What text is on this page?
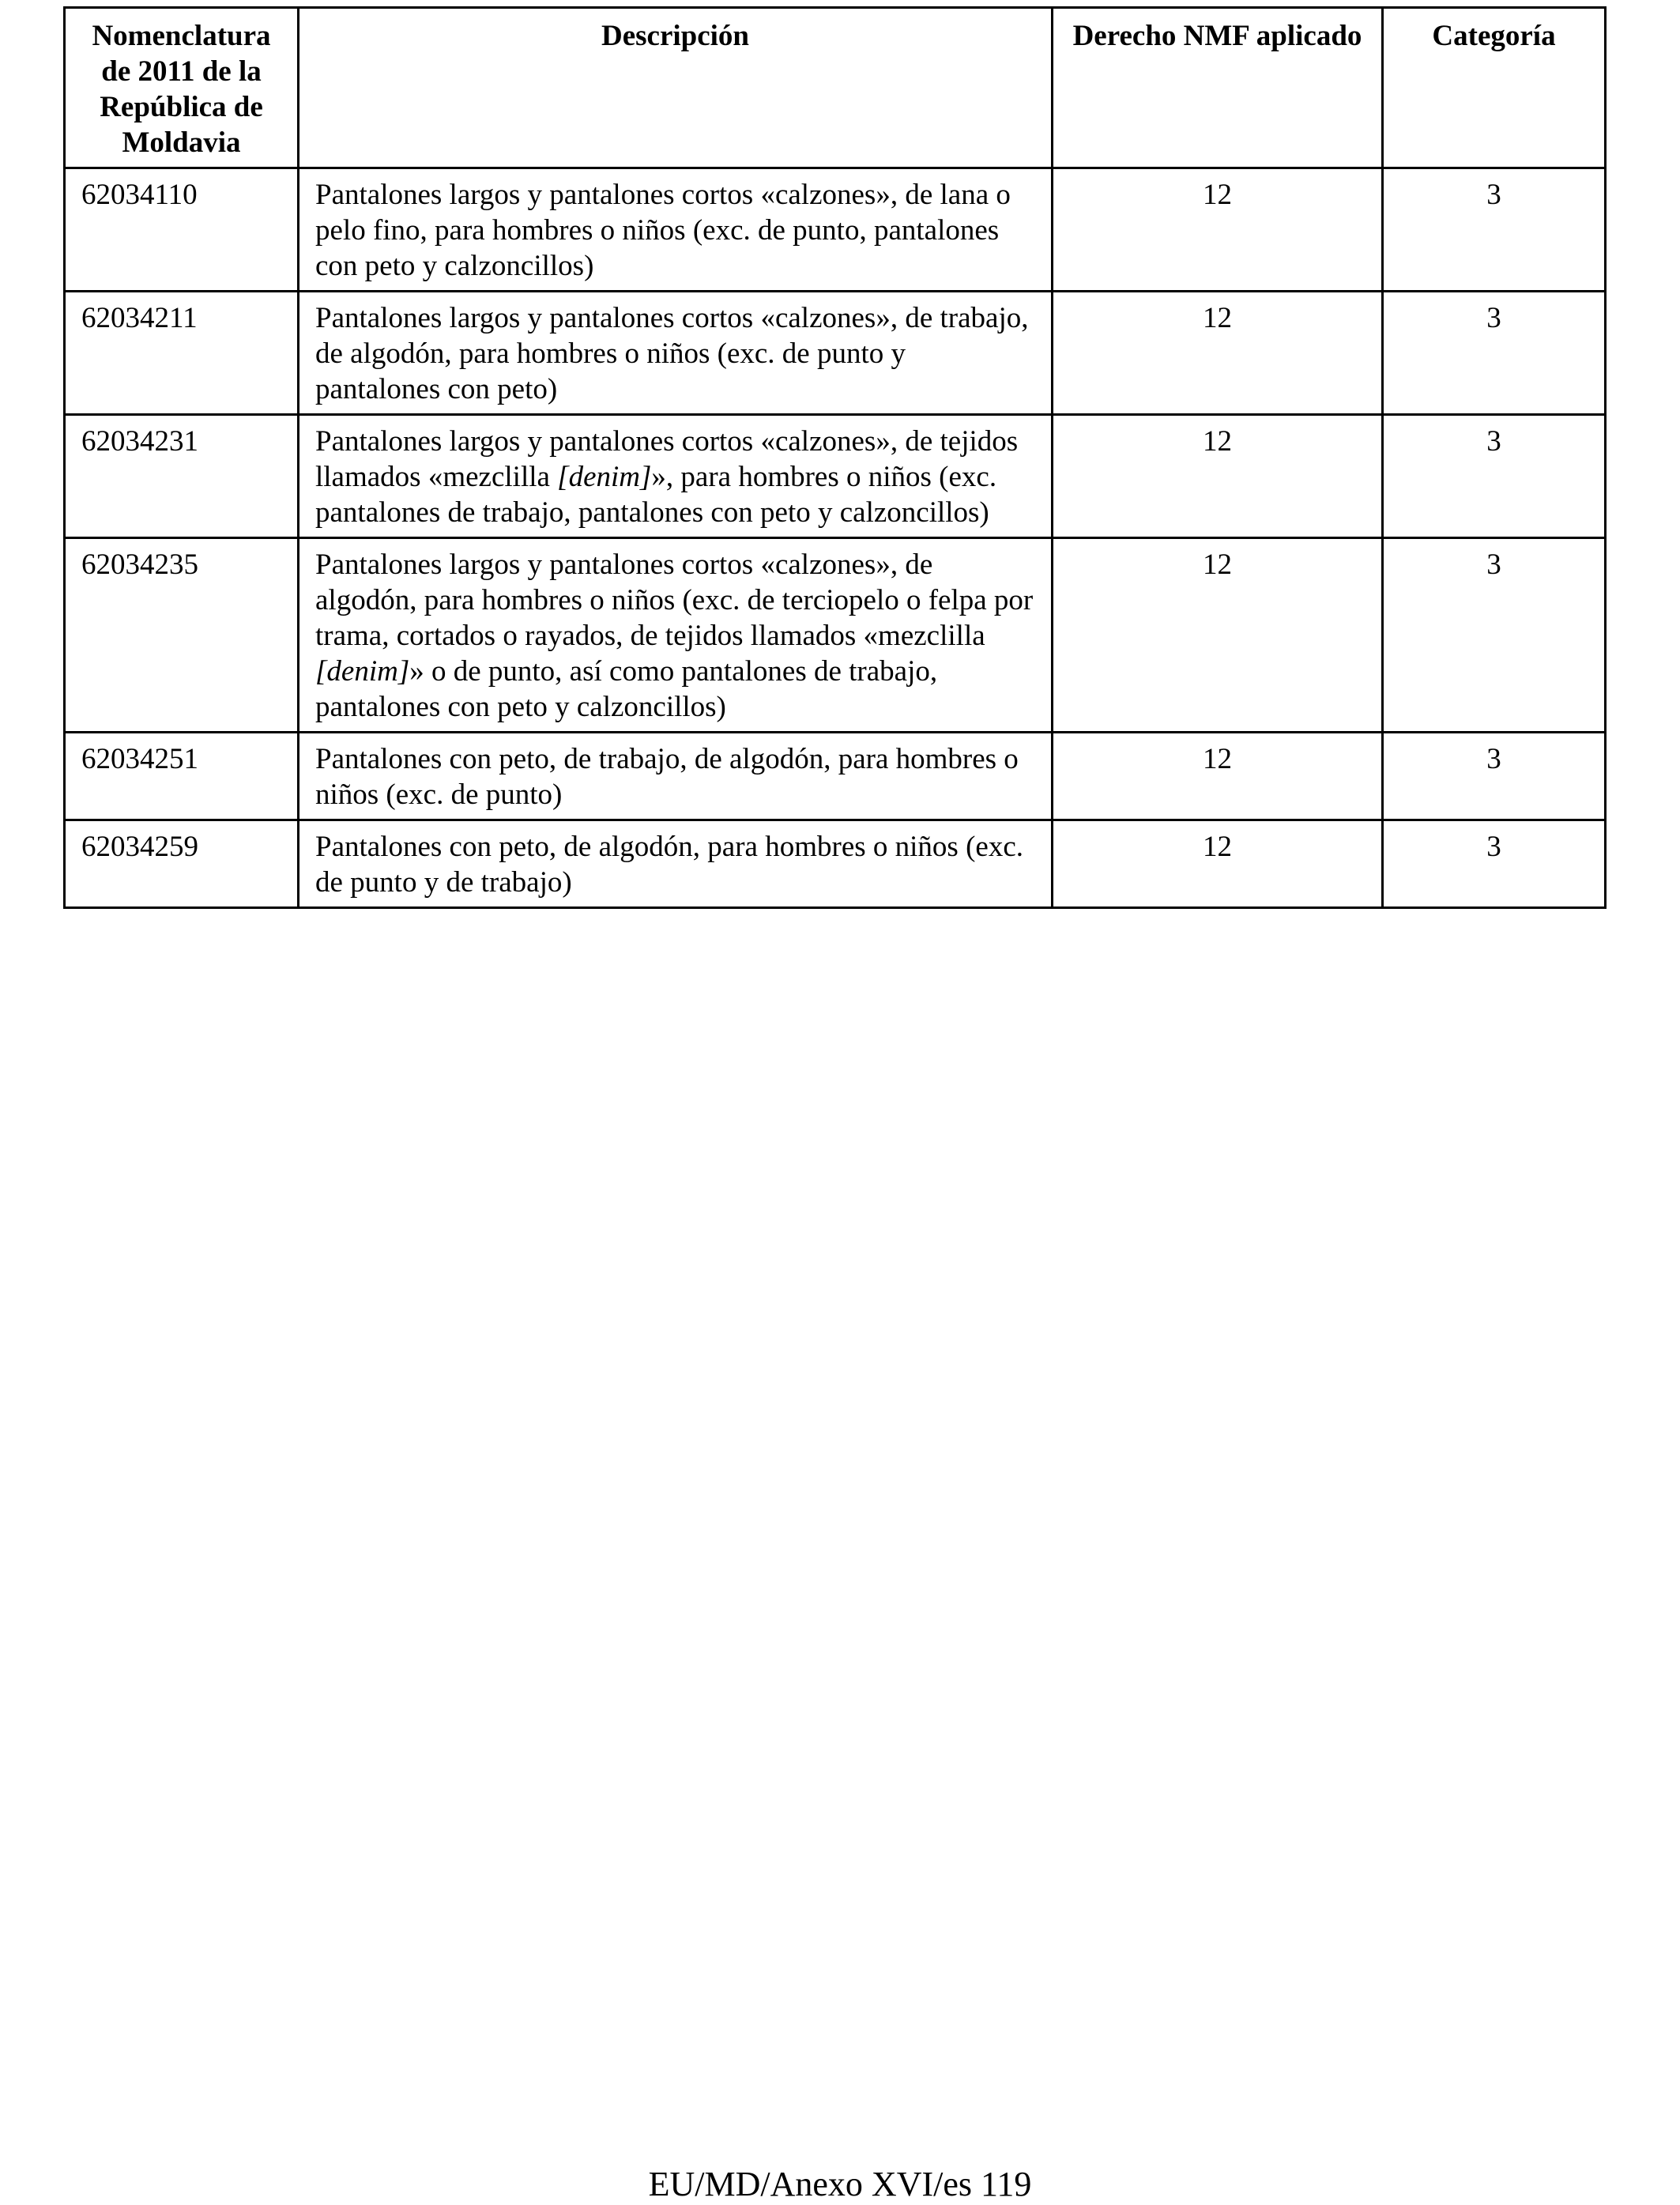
Nomenclatura de 2011 de la República de Moldavia	Descripción	Derecho NMF aplicado	Categoría
62034110	Pantalones largos y pantalones cortos «calzones», de lana o pelo fino, para hombres o niños (exc. de punto, pantalones con peto y calzoncillos)	12	3
62034211	Pantalones largos y pantalones cortos «calzones», de trabajo, de algodón, para hombres o niños (exc. de punto y pantalones con peto)	12	3
62034231	Pantalones largos y pantalones cortos «calzones», de tejidos llamados «mezclilla [denim]», para hombres o niños (exc. pantalones de trabajo, pantalones con peto y calzoncillos)	12	3
62034235	Pantalones largos y pantalones cortos «calzones», de algodón, para hombres o niños (exc. de terciopelo o felpa por trama, cortados o rayados, de tejidos llamados «mezclilla [denim]» o de punto, así como pantalones de trabajo, pantalones con peto y calzoncillos)	12	3
62034251	Pantalones con peto, de trabajo, de algodón, para hombres o niños (exc. de punto)	12	3
62034259	Pantalones con peto, de algodón, para hombres o niños (exc. de punto y de trabajo)	12	3
EU/MD/Anexo XVI/es 119
